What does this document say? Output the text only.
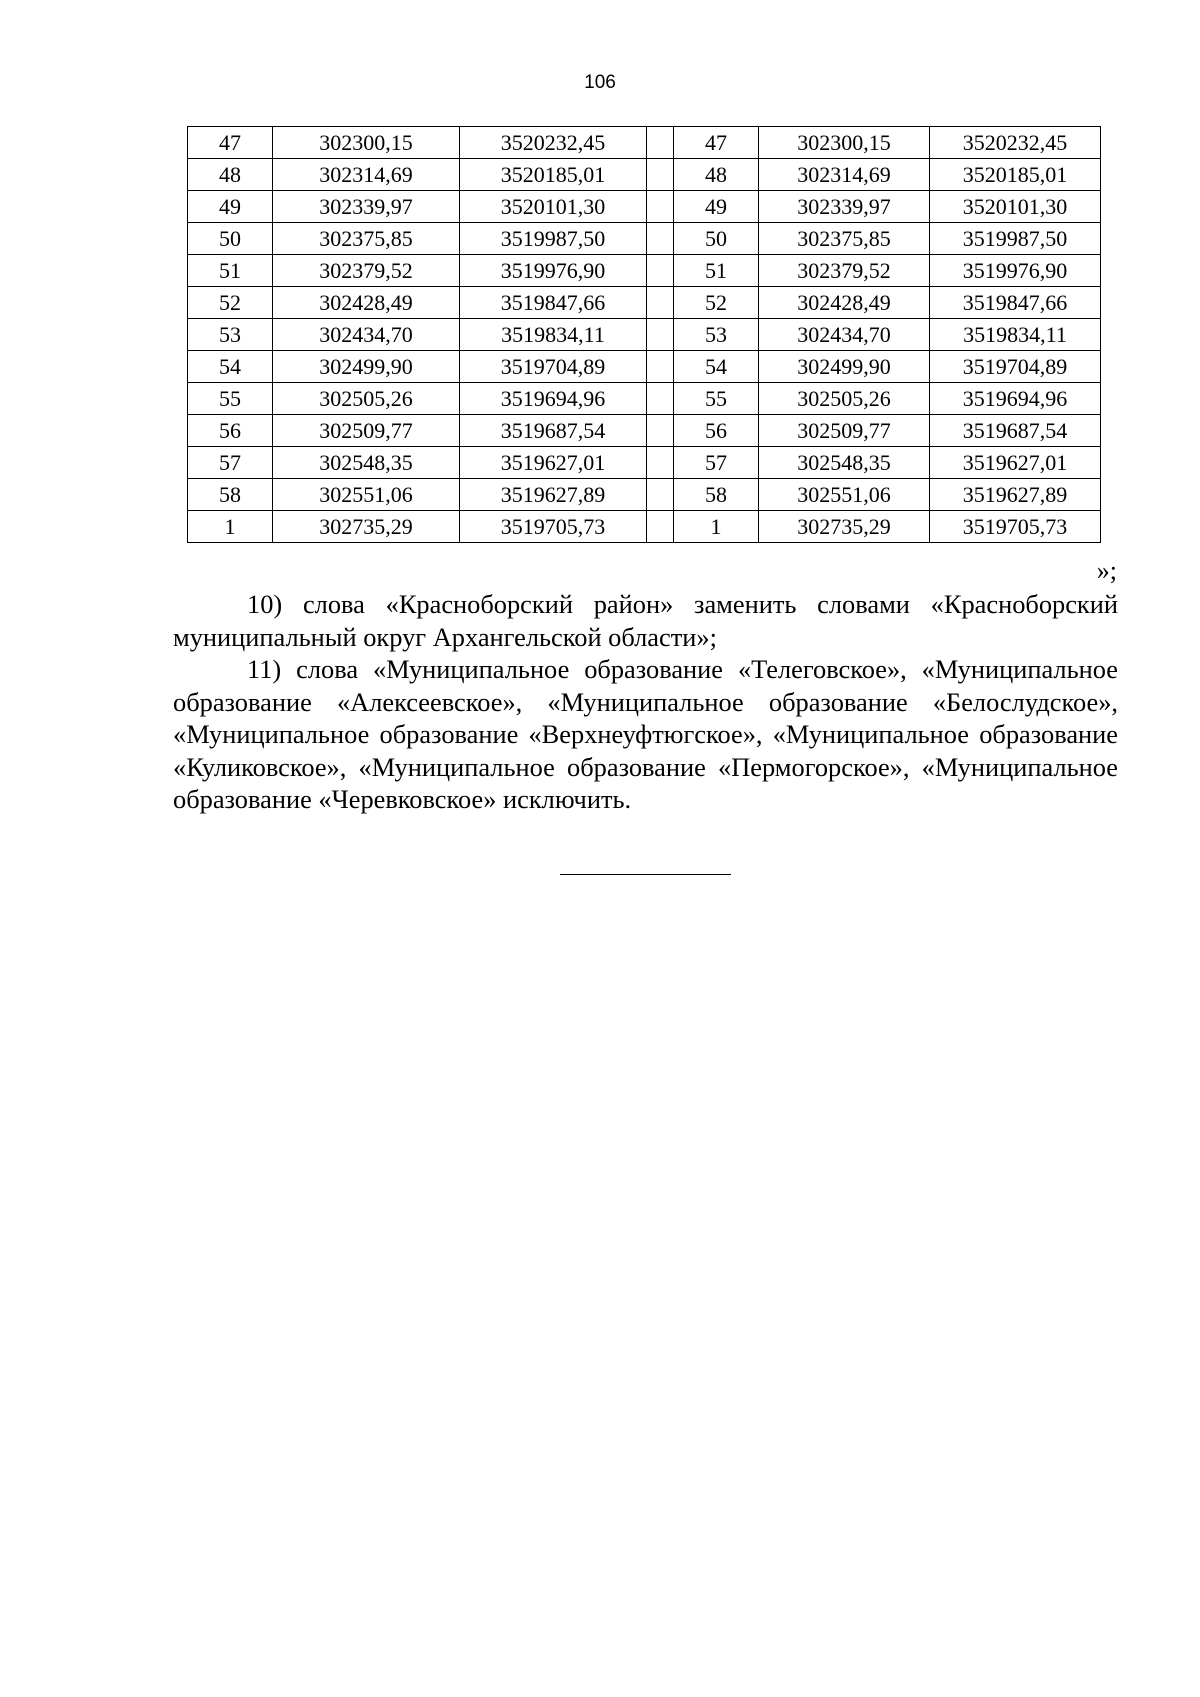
106
47	302300,15	3520232,45		47	302300,15	3520232,45
48	302314,69	3520185,01		48	302314,69	3520185,01
49	302339,97	3520101,30		49	302339,97	3520101,30
50	302375,85	3519987,50		50	302375,85	3519987,50
51	302379,52	3519976,90		51	302379,52	3519976,90
52	302428,49	3519847,66		52	302428,49	3519847,66
53	302434,70	3519834,11		53	302434,70	3519834,11
54	302499,90	3519704,89		54	302499,90	3519704,89
55	302505,26	3519694,96		55	302505,26	3519694,96
56	302509,77	3519687,54		56	302509,77	3519687,54
57	302548,35	3519627,01		57	302548,35	3519627,01
58	302551,06	3519627,89		58	302551,06	3519627,89
1	302735,29	3519705,73		1	302735,29	3519705,73
»;

10) слова «Красноборский район» заменить словами «Красноборский муниципальный округ Архангельской области»;

11) слова «Муниципальное образование «Телеговское», «Муниципальное образование «Алексеевское», «Муниципальное образование «Белослудское», «Муниципальное образование «Верхнеуфтюгское», «Муниципальное образование «Куликовское», «Муниципальное образование «Пермогорское», «Муниципальное образование «Черевковское» исключить.
